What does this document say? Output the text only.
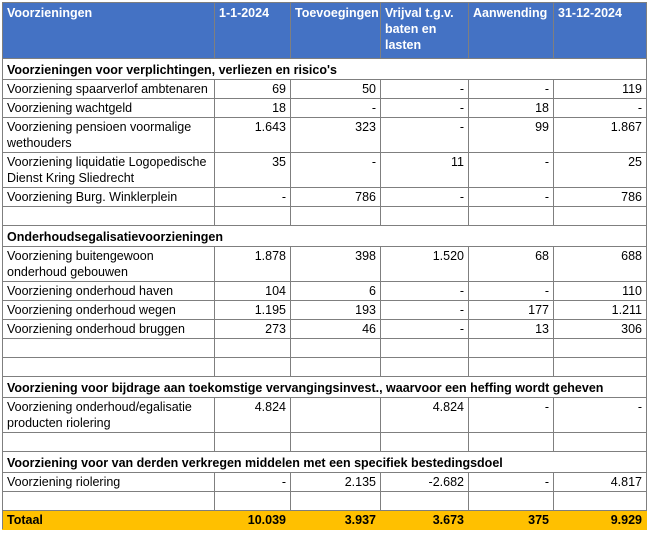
Voorzieningen	1-1-2024	Toevoegingen	Vrijval t.g.v. baten en lasten	Aanwending	31-12-2024
Voorzieningen voor verplichtingen, verliezen en risico's					
Voorziening spaarverlof ambtenaren	69	50	-	-	119
Voorziening wachtgeld	18	-	-	18	-
Voorziening pensioen voormalige wethouders	1.643	323	-	99	1.867
Voorziening liquidatie Logopedische Dienst Kring Sliedrecht	35	-	11	-	25
Voorziening Burg. Winklerplein	-	786	-	-	786

Onderhoudsegalisatievoorzieningen					
Voorziening buitengewoon onderhoud gebouwen	1.878	398	1.520	68	688
Voorziening onderhoud haven	104	6	-	-	110
Voorziening onderhoud wegen	1.195	193	-	177	1.211
Voorziening onderhoud bruggen	273	46	-	13	306

Voorziening voor bijdrage aan toekomstige vervangingsinvest., waarvoor een heffing wordt geheven					
Voorziening onderhoud/egalisatie producten riolering	4.824		4.824	-	-

Voorziening voor van derden verkregen middelen met een specifiek bestedingsdoel					
Voorziening riolering	-	2.135	-2.682	-	4.817

Totaal	10.039	3.937	3.673	375	9.929
